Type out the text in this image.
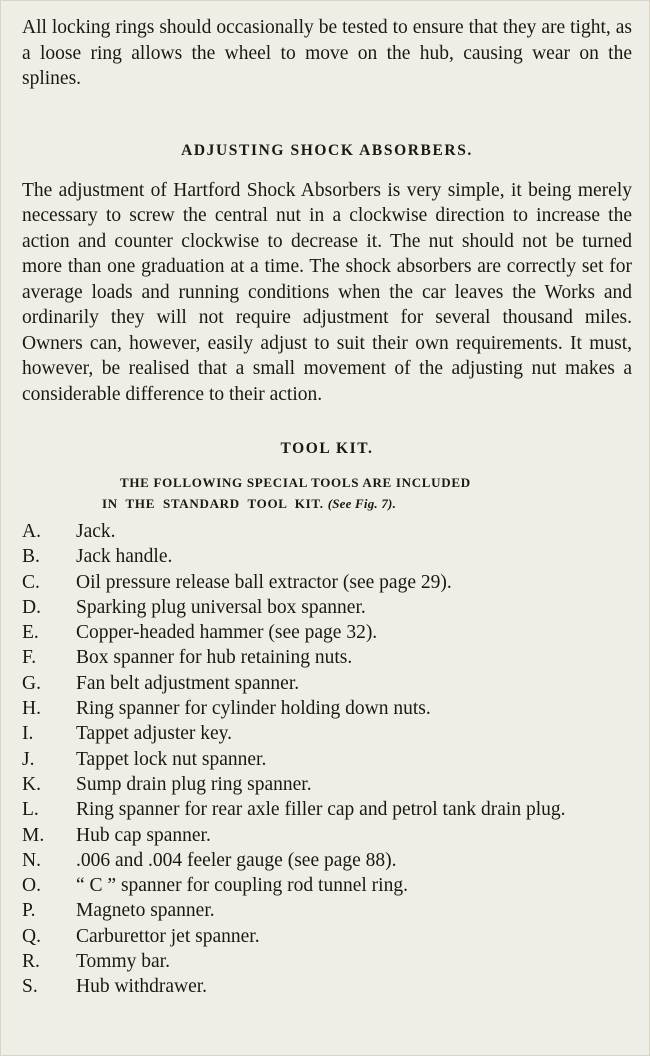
All locking rings should occasionally be tested to ensure that they are tight, as a loose ring allows the wheel to move on the hub, causing wear on the splines.

ADJUSTING SHOCK ABSORBERS.

The adjustment of Hartford Shock Absorbers is very simple, it being merely necessary to screw the central nut in a clockwise direction to increase the action and counter clockwise to decrease it. The nut should not be turned more than one graduation at a time. The shock absorbers are correctly set for average loads and running conditions when the car leaves the Works and ordinarily they will not require adjustment for several thousand miles. Owners can, however, easily adjust to suit their own requirements. It must, however, be realised that a small movement of the adjusting nut makes a considerable difference to their action.

TOOL KIT.
THE FOLLOWING SPECIAL TOOLS ARE INCLUDED
IN  THE  STANDARD  TOOL  KIT. (See Fig. 7).
A.	Jack.
B.	Jack handle.
C.	Oil pressure release ball extractor (see page 29).
D.	Sparking plug universal box spanner.
E.	Copper-headed hammer (see page 32).
F.	Box spanner for hub retaining nuts.
G.	Fan belt adjustment spanner.
H.	Ring spanner for cylinder holding down nuts.
I.	Tappet adjuster key.
J.	Tappet lock nut spanner.
K.	Sump drain plug ring spanner.
L.	Ring spanner for rear axle filler cap and petrol tank drain plug.
M.	Hub cap spanner.
N.	.006 and .004 feeler gauge (see page 88).
O.	“ C ” spanner for coupling rod tunnel ring.
P.	Magneto spanner.
Q.	Carburettor jet spanner.
R.	Tommy bar.
S.	Hub withdrawer.
